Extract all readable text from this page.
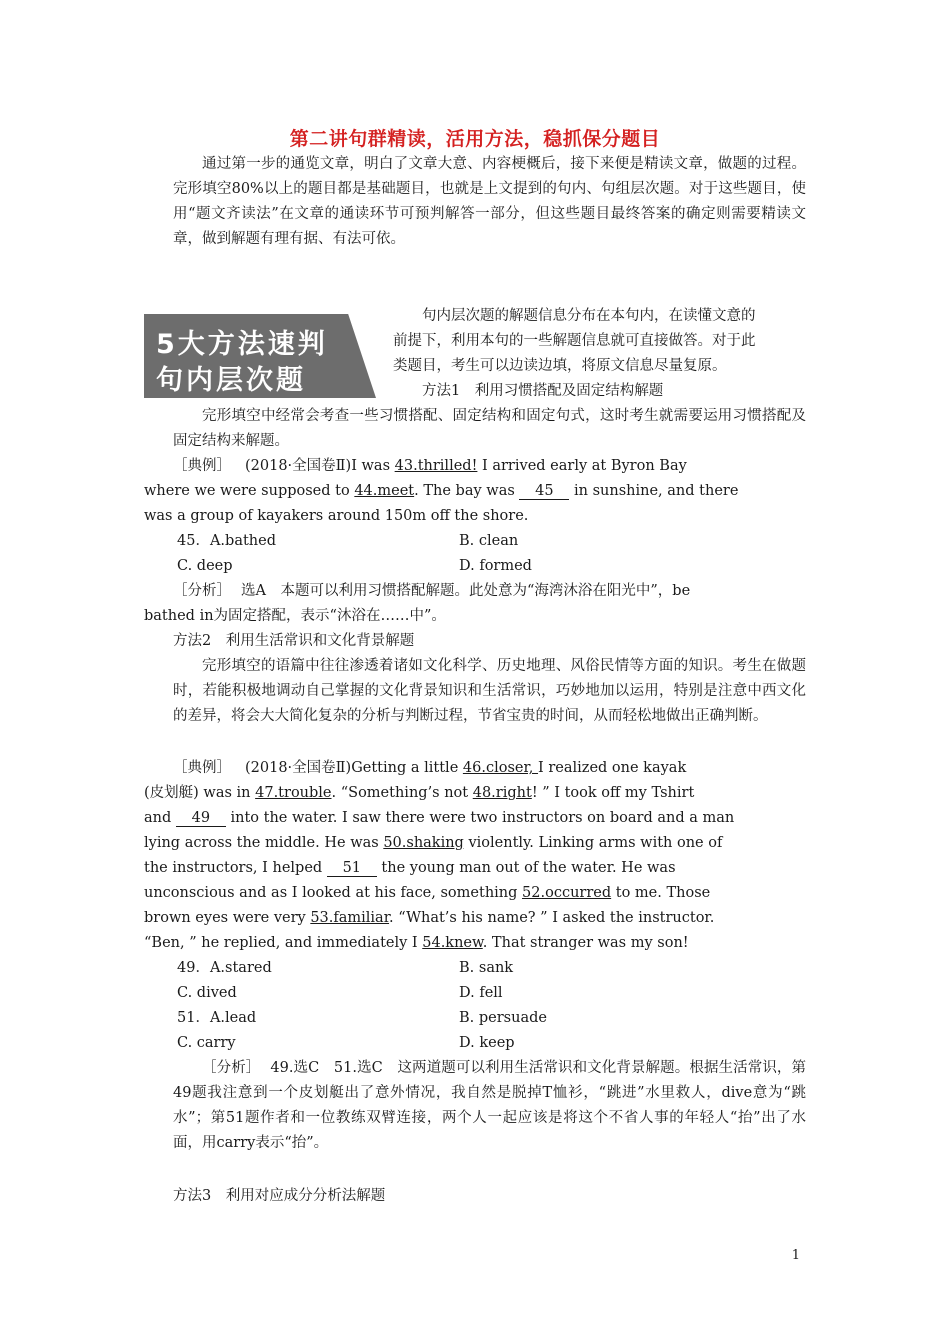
第二讲句群精读，活用方法，稳抓保分题目
通过第一步的通览文章，明白了文章大意、内容梗概后，接下来便是精读文章，做题的过程。完形填空80%以上的题目都是基础题目，也就是上文提到的句内、句组层次题。对于这些题目，使用“题文齐读法”在文章的通读环节可预判解答一部分，但这些题目最终答案的确定则需要精读文章，做到解题有理有据、有法可依。
5大方法速判
句内层次题
句内层次题的解题信息分布在本句内，在读懂文意的
前提下，利用本句的一些解题信息就可直接做答。对于此
类题目，考生可以边读边填，将原文信息尽量复原。
方法1　利用习惯搭配及固定结构解题
完形填空中经常会考查一些习惯搭配、固定结构和固定句式，这时考生就需要运用习惯搭配及固定结构来解题。
［典例］ (2018·全国卷Ⅱ)I was 43.thrilled! I arrived early at Byron Bay
where we were supposed to 44.meet. The bay was 45 in sunshine, and there
was a group of kayakers around 150m off the shore.
45．A.bathed	B. clean
C. deep	D. formed
［分析］ 选A　本题可以利用习惯搭配解题。此处意为“海湾沐浴在阳光中”，be
bathed in为固定搭配，表示“沐浴在……中”。
方法2　利用生活常识和文化背景解题
完形填空的语篇中往往渗透着诸如文化科学、历史地理、风俗民情等方面的知识。考生在做题时，若能积极地调动自己掌握的文化背景知识和生活常识，巧妙地加以运用，特别是注意中西文化的差异，将会大大简化复杂的分析与判断过程，节省宝贵的时间，从而轻松地做出正确判断。
［典例］ (2018·全国卷Ⅱ)Getting a little 46.closer, I realized one kayak
(皮划艇) was in 47.trouble. “Something’s not 48.right! ” I took off my Tshirt
and 49 into the water. I saw there were two instructors on board and a man
lying across the middle. He was 50.shaking violently. Linking arms with one of
the instructors, I helped 51 the young man out of the water. He was
unconscious and as I looked at his face, something 52.occurred to me. Those
brown eyes were very 53.familiar. “What’s his name? ” I asked the instructor.
“Ben, ” he replied, and immediately I 54.knew. That stranger was my son!
49．A.stared	B. sank
C. dived	D. fell
51．A.lead	B. persuade
C. carry	D. keep
［分析］ 49.选C　51.选C　这两道题可以利用生活常识和文化背景解题。根据生活常识，第49题我注意到一个皮划艇出了意外情况，我自然是脱掉T恤衫，“跳进”水里救人，dive意为“跳水”；第51题作者和一位教练双臂连接，两个人一起应该是将这个不省人事的年轻人“抬”出了水面，用carry表示“抬”。
方法3　利用对应成分分析法解题
1
